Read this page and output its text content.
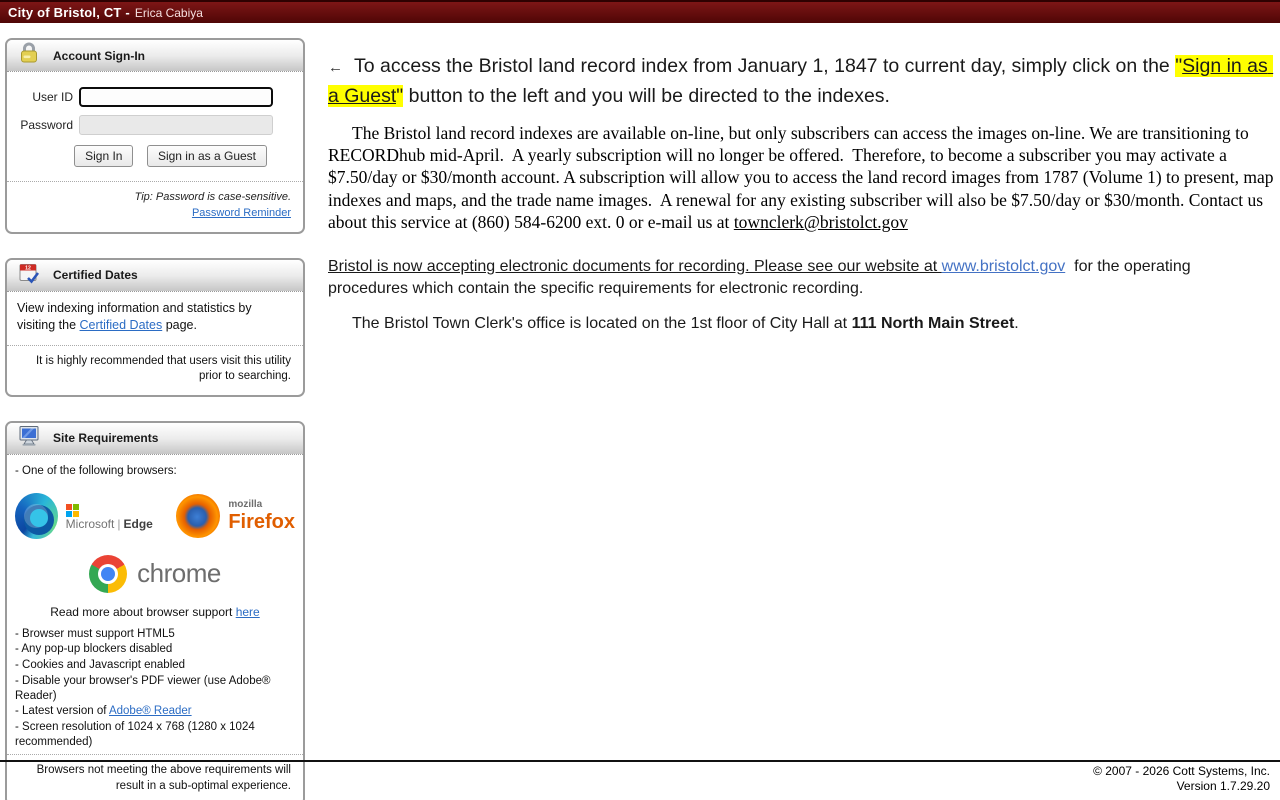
City of Bristol, CT - Erica Cabiya
Account Sign-In
User ID
Password
Sign In	Sign in as a Guest
Tip: Password is case-sensitive.
Password Reminder
12 Certified Dates
View indexing information and statistics by visiting the Certified Dates page.
It is highly recommended that users visit this utility prior to searching.
Site Requirements
- One of the following browsers:
Microsoft | Edge
mozilla
Firefox
chrome
Read more about browser support here
- Browser must support HTML5
- Any pop-up blockers disabled
- Cookies and Javascript enabled
- Disable your browser's PDF viewer (use Adobe® Reader)
- Latest version of Adobe® Reader
- Screen resolution of 1024 x 768 (1280 x 1024 recommended)
Browsers not meeting the above requirements will result in a sub-optimal experience.
← To access the Bristol land record index from January 1, 1847 to current day, simply click on the "Sign in as a Guest" button to the left and you will be directed to the indexes.
The Bristol land record indexes are available on-line, but only subscribers can access the images on-line. We are transitioning to RECORDhub mid-April.  A yearly subscription will no longer be offered.  Therefore, to become a subscriber you may activate a $7.50/day or $30/month account. A subscription will allow you to access the land record images from 1787 (Volume 1) to present, map indexes and maps, and the trade name images.  A renewal for any existing subscriber will also be $7.50/day or $30/month. Contact us about this service at (860) 584-6200 ext. 0 or e-mail us at townclerk@bristolct.gov
Bristol is now accepting electronic documents for recording. Please see our website at www.bristolct.gov  for the operating procedures which contain the specific requirements for electronic recording.
The Bristol Town Clerk's office is located on the 1st floor of City Hall at 111 North Main Street.
© 2007 - 2026 Cott Systems, Inc.
Version 1.7.29.20
